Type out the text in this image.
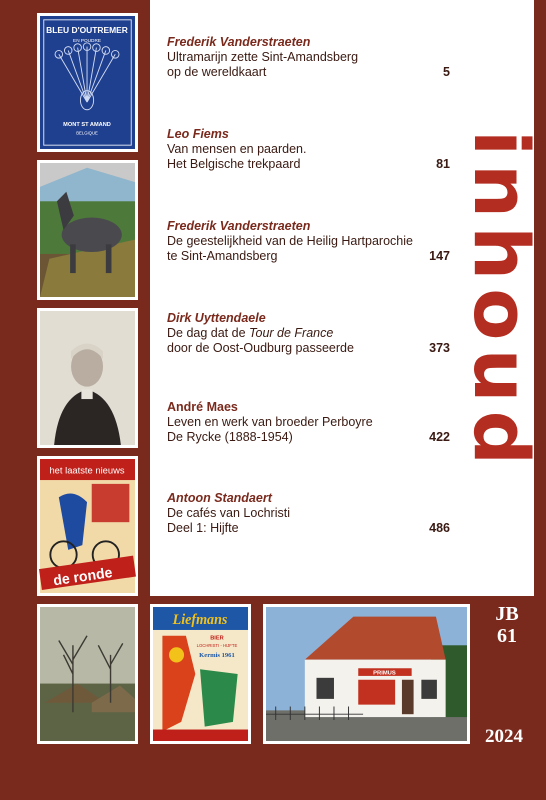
BLEU D'OUTREMER
EN POUDRE
MONT ST AMAND
BELGIQUE
het laatste nieuws
de ronde
Liefmans
BIER
LOCHRISTI - HIJFTE
Kermis 1961
PRIMUS
Frederik Vanderstraeten
Ultramarijn zette Sint-Amandsberg
op de wereldkaart	5
Leo Fiems
Van mensen en paarden.
Het Belgische trekpaard	81
Frederik Vanderstraeten
De geestelijkheid van de Heilig Hartparochie
te Sint-Amandsberg	147
Dirk Uyttendaele
De dag dat de Tour de France
door de Oost-Oudburg passeerde	373
André Maes
Leven en werk van broeder Perboyre
De Rycke (1888-1954)	422
Antoon Standaert
De cafés van Lochristi
Deel 1: Hijfte	486
inhoud
JB
61
2024
